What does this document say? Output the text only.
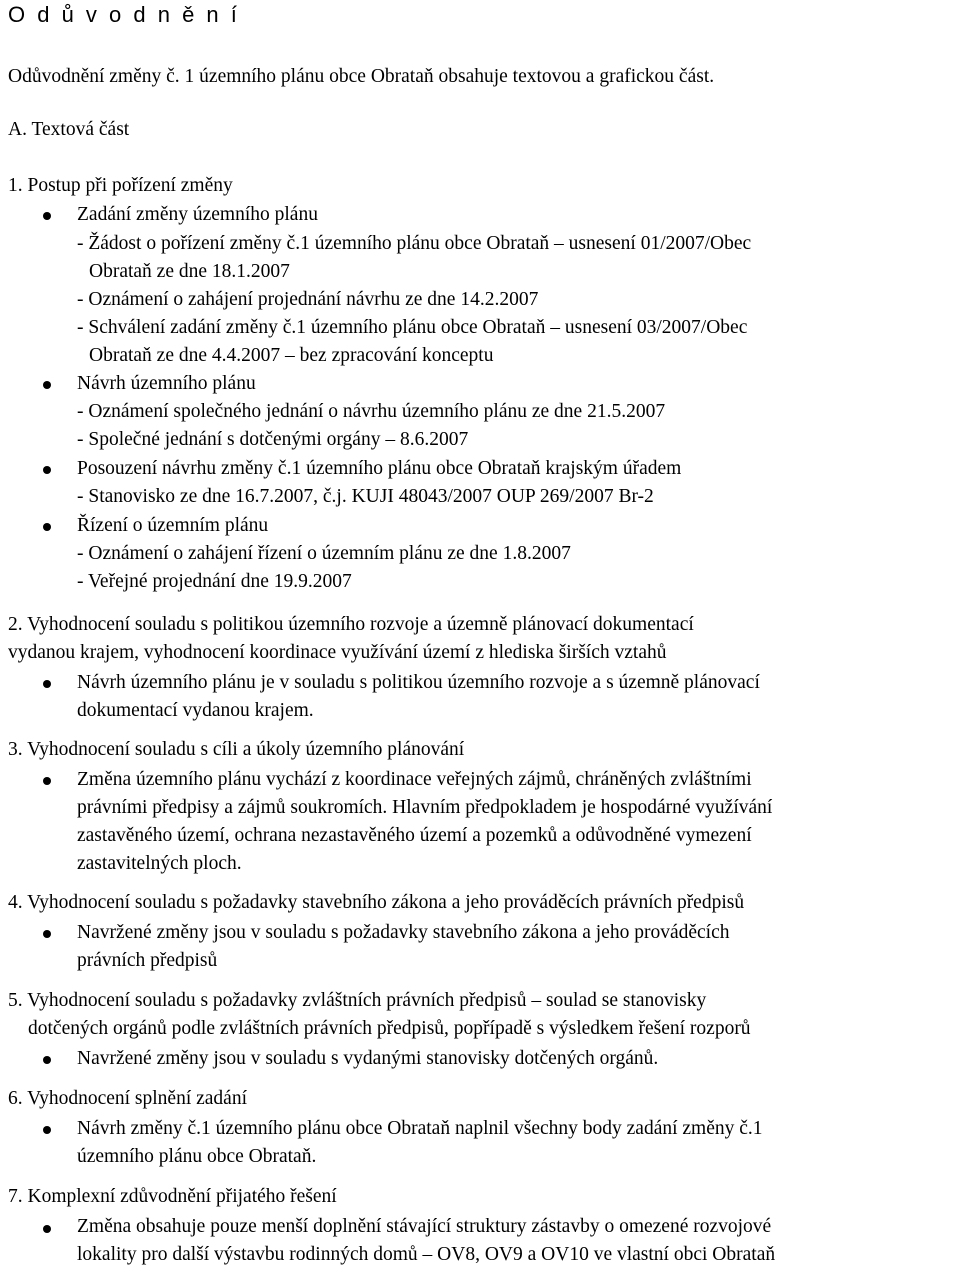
O d ů v o d n ě n í
Odůvodnění změny č. 1 územního plánu obce Obrataň obsahuje textovou a grafickou část.
A. Textová část
1. Postup při pořízení změny
Zadání změny územního plánu
- Žádost o pořízení změny č.1 územního plánu obce Obrataň – usnesení 01/2007/Obec
Obrataň ze dne 18.1.2007
- Oznámení o zahájení projednání návrhu ze dne 14.2.2007
- Schválení zadání změny č.1 územního plánu obce Obrataň – usnesení 03/2007/Obec
Obrataň ze dne 4.4.2007 – bez zpracování konceptu
Návrh územního plánu
- Oznámení společného jednání o návrhu územního plánu ze dne 21.5.2007
- Společné jednání s dotčenými orgány – 8.6.2007
Posouzení návrhu změny č.1 územního plánu obce Obrataň krajským úřadem
- Stanovisko ze dne 16.7.2007, č.j. KUJI 48043/2007 OUP 269/2007 Br-2
Řízení o územním plánu
- Oznámení o zahájení řízení o územním plánu ze dne 1.8.2007
- Veřejné projednání dne 19.9.2007
2. Vyhodnocení souladu s politikou územního rozvoje a územně plánovací dokumentací
vydanou krajem, vyhodnocení koordinace využívání území z hlediska širších vztahů
Návrh územního plánu je v souladu s politikou územního rozvoje a s územně plánovací
dokumentací vydanou krajem.
3. Vyhodnocení souladu s cíli a úkoly územního plánování
Změna územního plánu vychází z koordinace veřejných zájmů, chráněných zvláštními
právními předpisy a zájmů soukromích. Hlavním předpokladem je hospodárné využívání
zastavěného území, ochrana nezastavěného území a pozemků a odůvodněné vymezení
zastavitelných ploch.
4. Vyhodnocení souladu s požadavky stavebního zákona a jeho prováděcích právních předpisů
Navržené změny jsou v souladu s požadavky stavebního zákona a jeho prováděcích
právních předpisů
5. Vyhodnocení souladu s požadavky zvláštních právních předpisů – soulad se stanovisky
dotčených orgánů podle zvláštních právních předpisů, popřípadě s výsledkem řešení rozporů
Navržené změny jsou v souladu s vydanými stanovisky dotčených orgánů.
6. Vyhodnocení splnění zadání
Návrh změny č.1 územního plánu obce Obrataň naplnil všechny body zadání změny č.1
územního plánu obce Obrataň.
7. Komplexní zdůvodnění přijatého řešení
Změna obsahuje pouze menší doplnění stávající struktury zástavby o omezené rozvojové
lokality pro další výstavbu rodinných domů – OV8, OV9 a OV10 ve vlastní obci Obrataň
